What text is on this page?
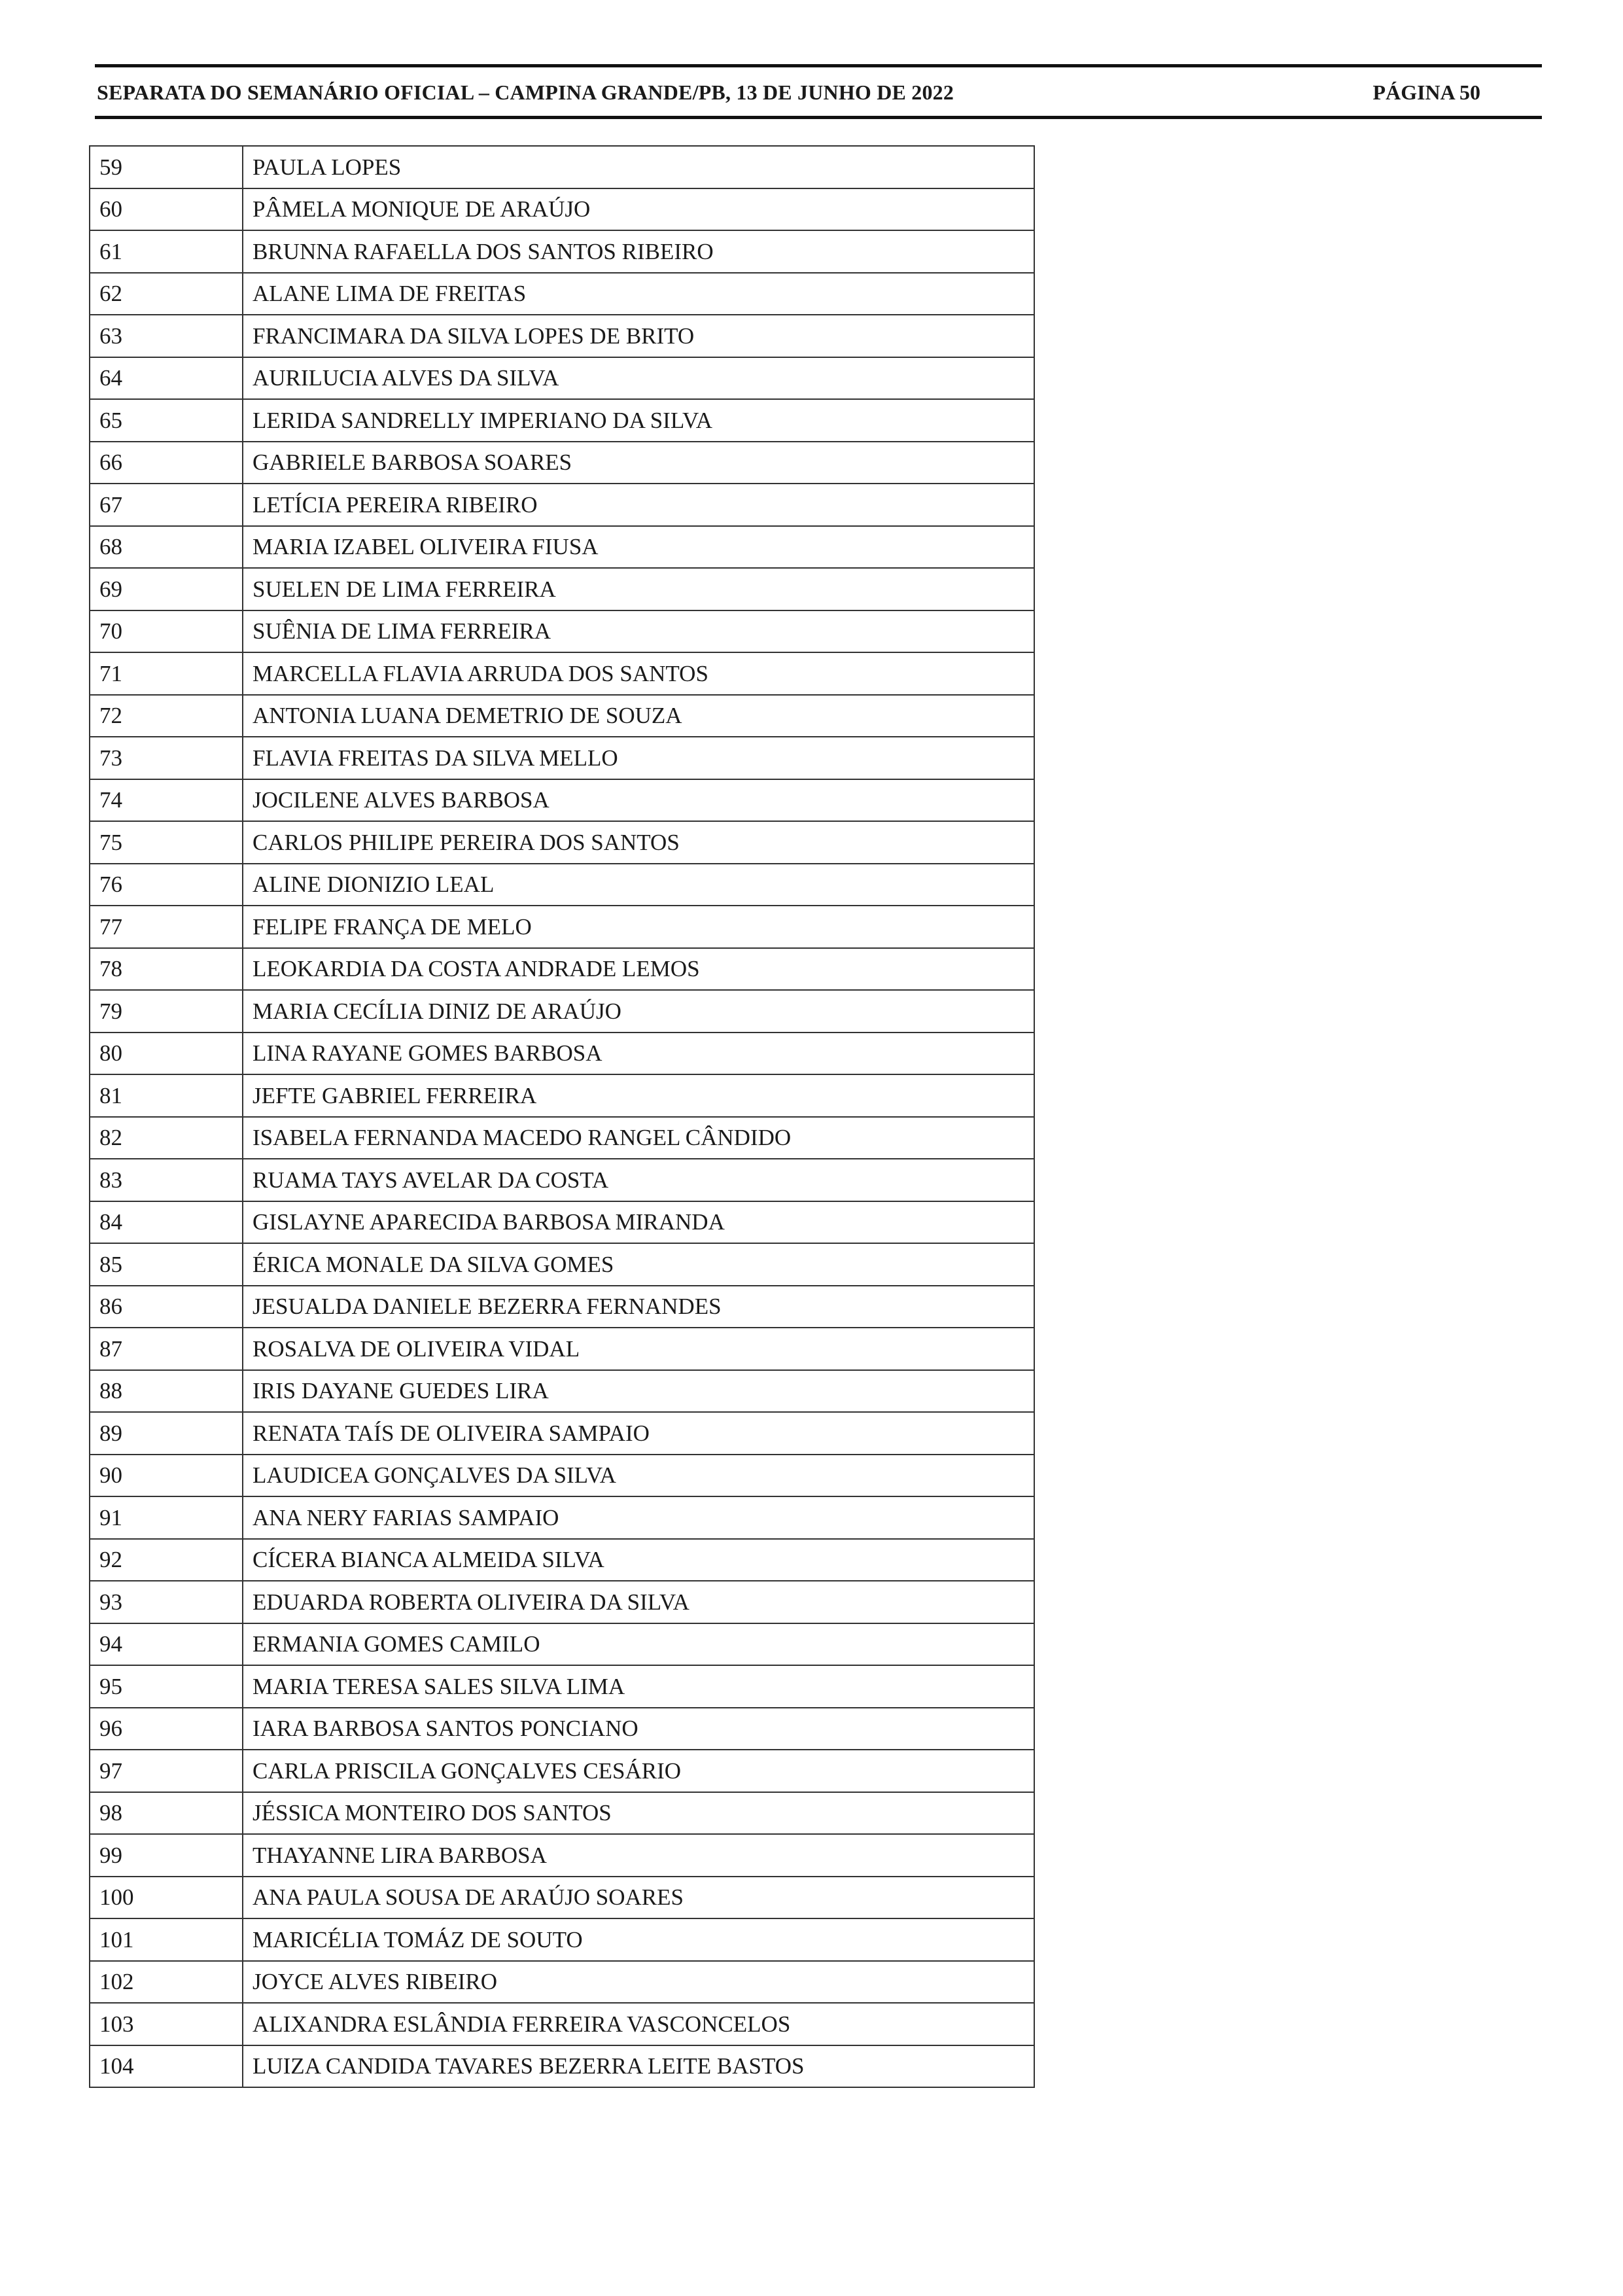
SEPARATA DO SEMANÁRIO OFICIAL – CAMPINA GRANDE/PB, 13 DE JUNHO DE 2022	PÁGINA 50
59	PAULA LOPES
60	PÂMELA MONIQUE DE ARAÚJO
61	BRUNNA RAFAELLA DOS SANTOS RIBEIRO
62	ALANE LIMA DE FREITAS
63	FRANCIMARA DA SILVA LOPES DE BRITO
64	AURILUCIA ALVES DA SILVA
65	LERIDA SANDRELLY IMPERIANO DA SILVA
66	GABRIELE BARBOSA SOARES
67	LETÍCIA PEREIRA RIBEIRO
68	MARIA IZABEL OLIVEIRA FIUSA
69	SUELEN DE LIMA FERREIRA
70	SUÊNIA DE LIMA FERREIRA
71	MARCELLA FLAVIA ARRUDA DOS SANTOS
72	ANTONIA LUANA DEMETRIO DE SOUZA
73	FLAVIA FREITAS DA SILVA MELLO
74	JOCILENE ALVES BARBOSA
75	CARLOS PHILIPE PEREIRA DOS SANTOS
76	ALINE DIONIZIO LEAL
77	FELIPE FRANÇA DE MELO
78	LEOKARDIA DA COSTA ANDRADE LEMOS
79	MARIA CECÍLIA DINIZ DE ARAÚJO
80	LINA RAYANE GOMES BARBOSA
81	JEFTE GABRIEL FERREIRA
82	ISABELA FERNANDA MACEDO RANGEL CÂNDIDO
83	RUAMA TAYS AVELAR DA COSTA
84	GISLAYNE APARECIDA BARBOSA MIRANDA
85	ÉRICA MONALE DA SILVA GOMES
86	JESUALDA DANIELE BEZERRA FERNANDES
87	ROSALVA DE OLIVEIRA VIDAL
88	IRIS DAYANE GUEDES LIRA
89	RENATA TAÍS DE OLIVEIRA SAMPAIO
90	LAUDICEA GONÇALVES DA SILVA
91	ANA NERY FARIAS SAMPAIO
92	CÍCERA BIANCA ALMEIDA SILVA
93	EDUARDA ROBERTA OLIVEIRA DA SILVA
94	ERMANIA GOMES CAMILO
95	MARIA TERESA SALES SILVA LIMA
96	IARA BARBOSA SANTOS PONCIANO
97	CARLA PRISCILA GONÇALVES CESÁRIO
98	JÉSSICA MONTEIRO DOS SANTOS
99	THAYANNE LIRA BARBOSA
100	ANA PAULA SOUSA DE ARAÚJO SOARES
101	MARICÉLIA TOMÁZ DE SOUTO
102	JOYCE ALVES RIBEIRO
103	ALIXANDRA ESLÂNDIA FERREIRA VASCONCELOS
104	LUIZA CANDIDA TAVARES BEZERRA LEITE BASTOS
